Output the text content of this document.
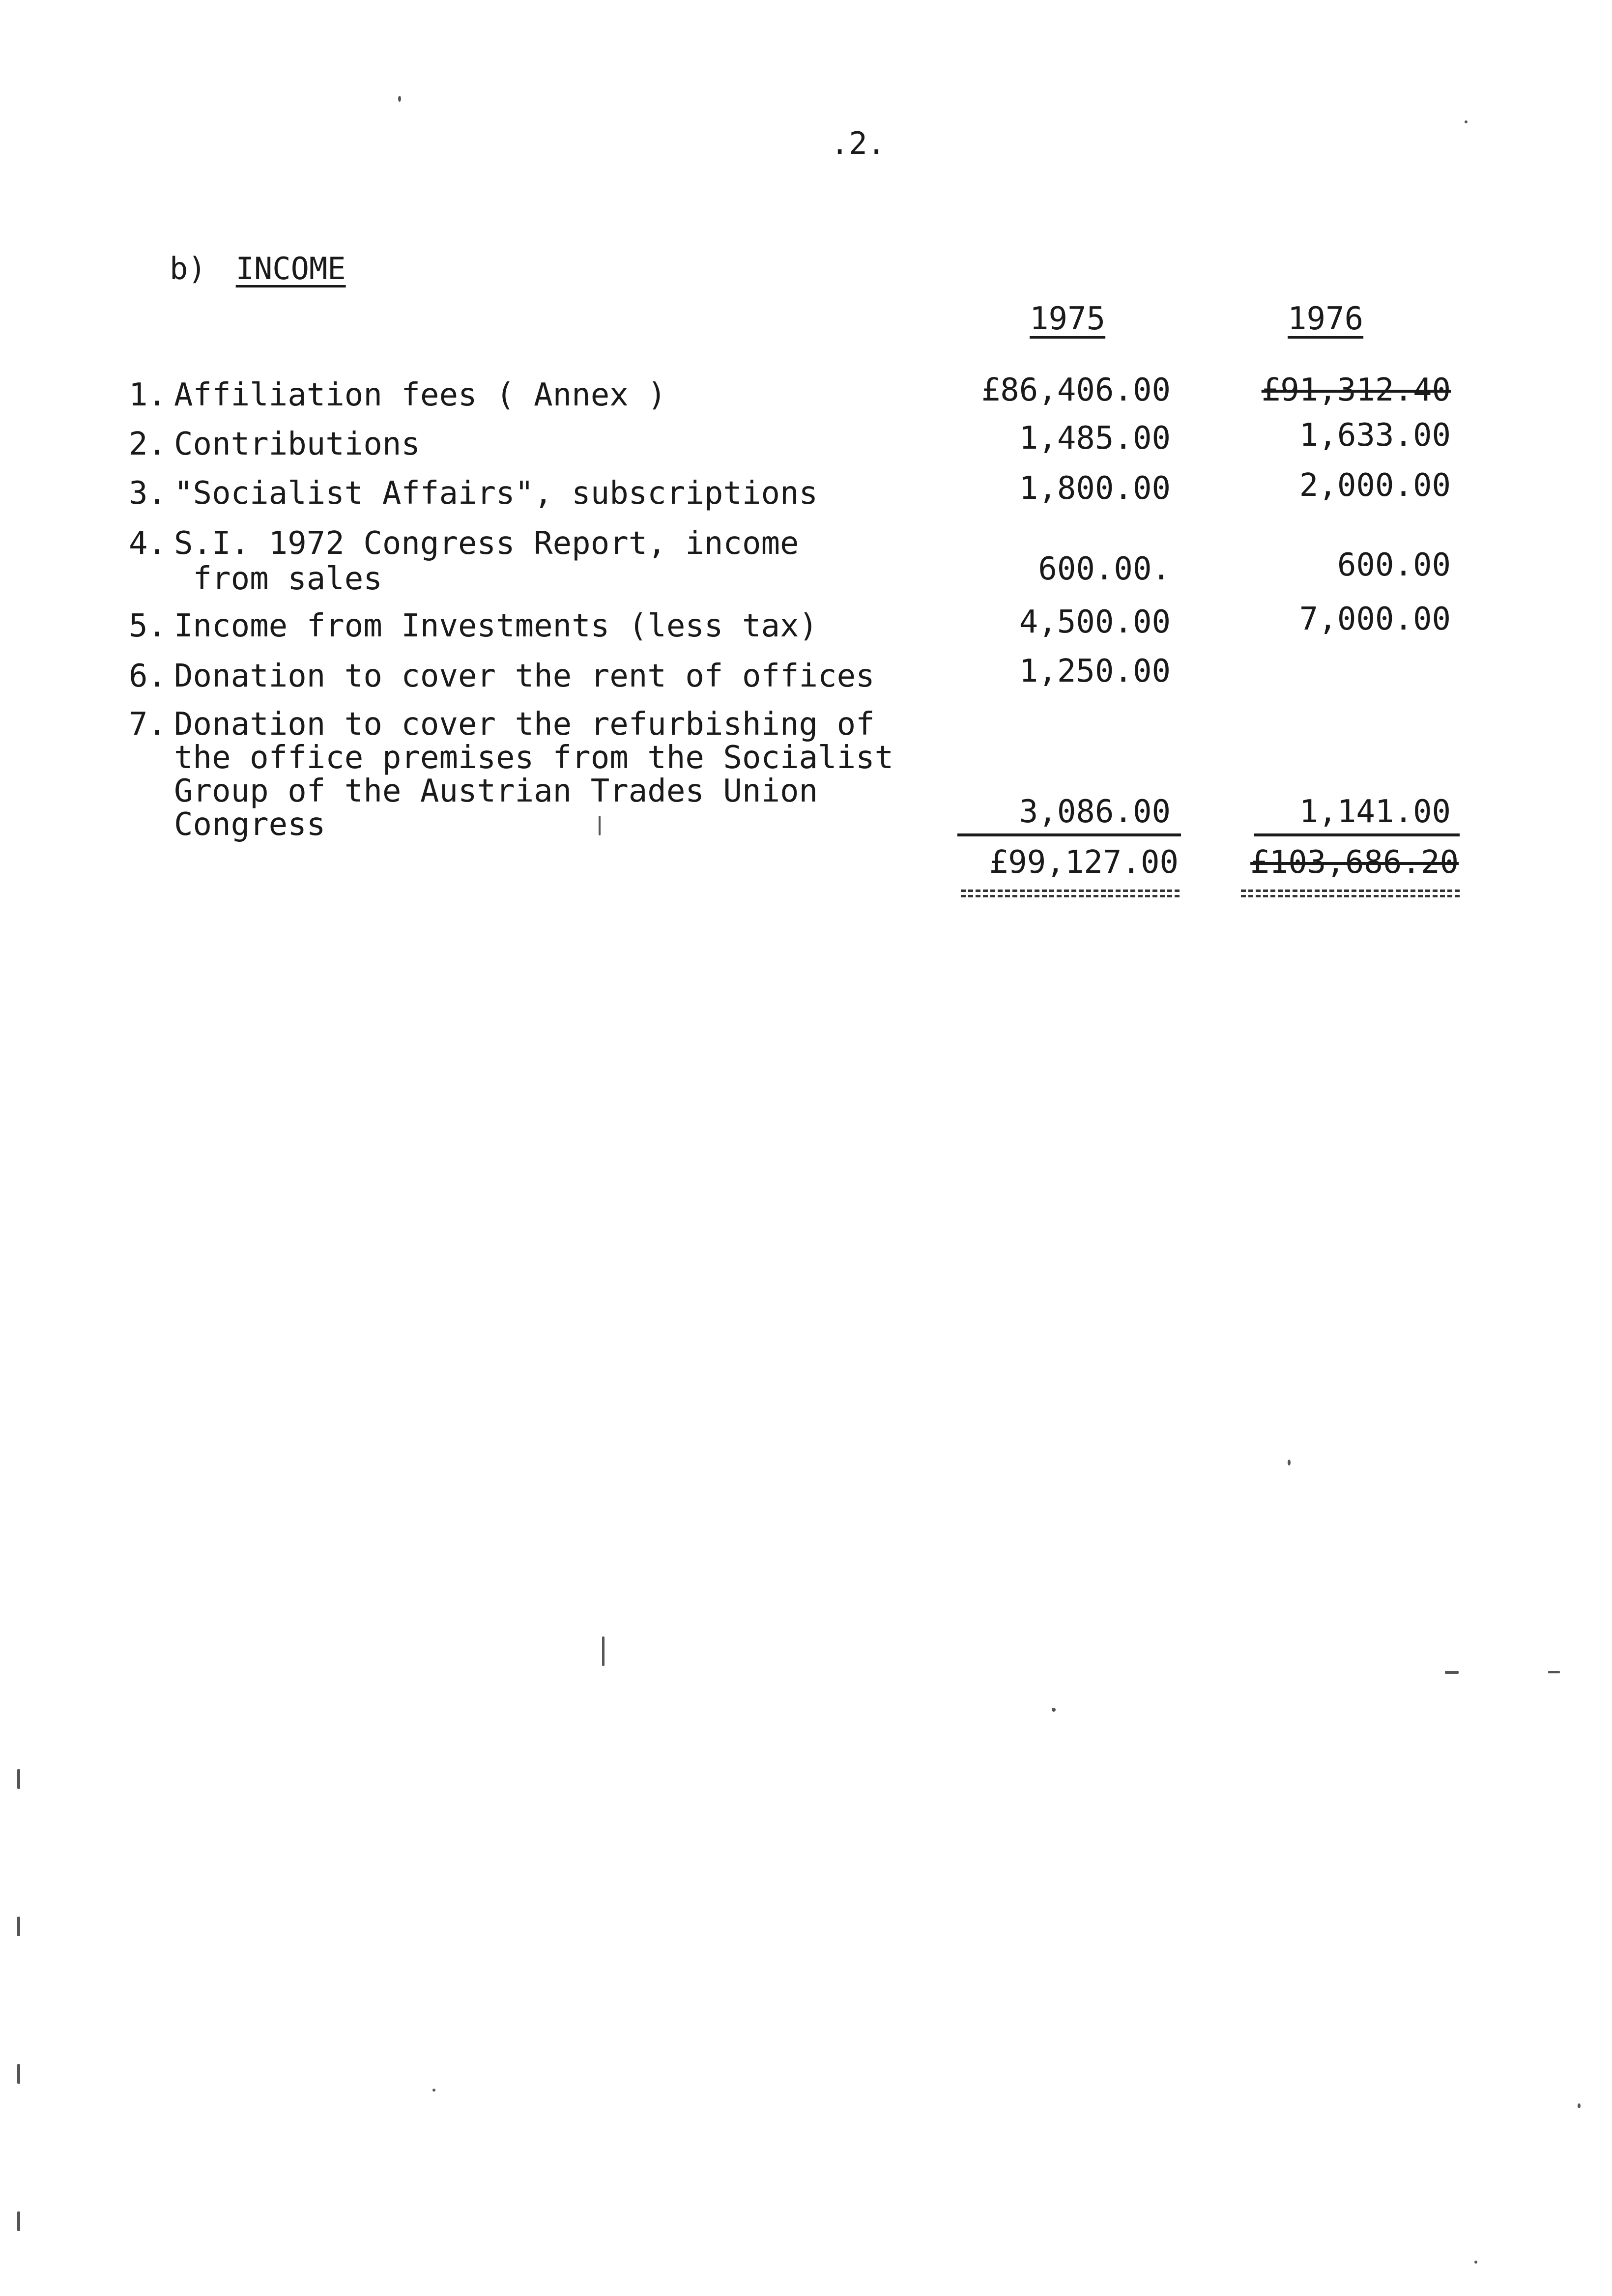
.2.
b) INCOME
1975	1976
1. Affiliation fees ( Annex )	£86,406.00	£91,312.40
2. Contributions	1,485.00	1,633.00
3. "Socialist Affairs", subscriptions	1,800.00	2,000.00
4. S.I. 1972 Congress Report, income
from sales	600.00.	600.00
5. Income from Investments (less tax)	4,500.00	7,000.00
6. Donation to cover the rent of offices	1,250.00
7. Donation to cover the refurbishing of
the office premises from the Socialist
Group of the Austrian Trades Union
Congress	3,086.00	1,141.00
£99,127.00 £103,686.20
